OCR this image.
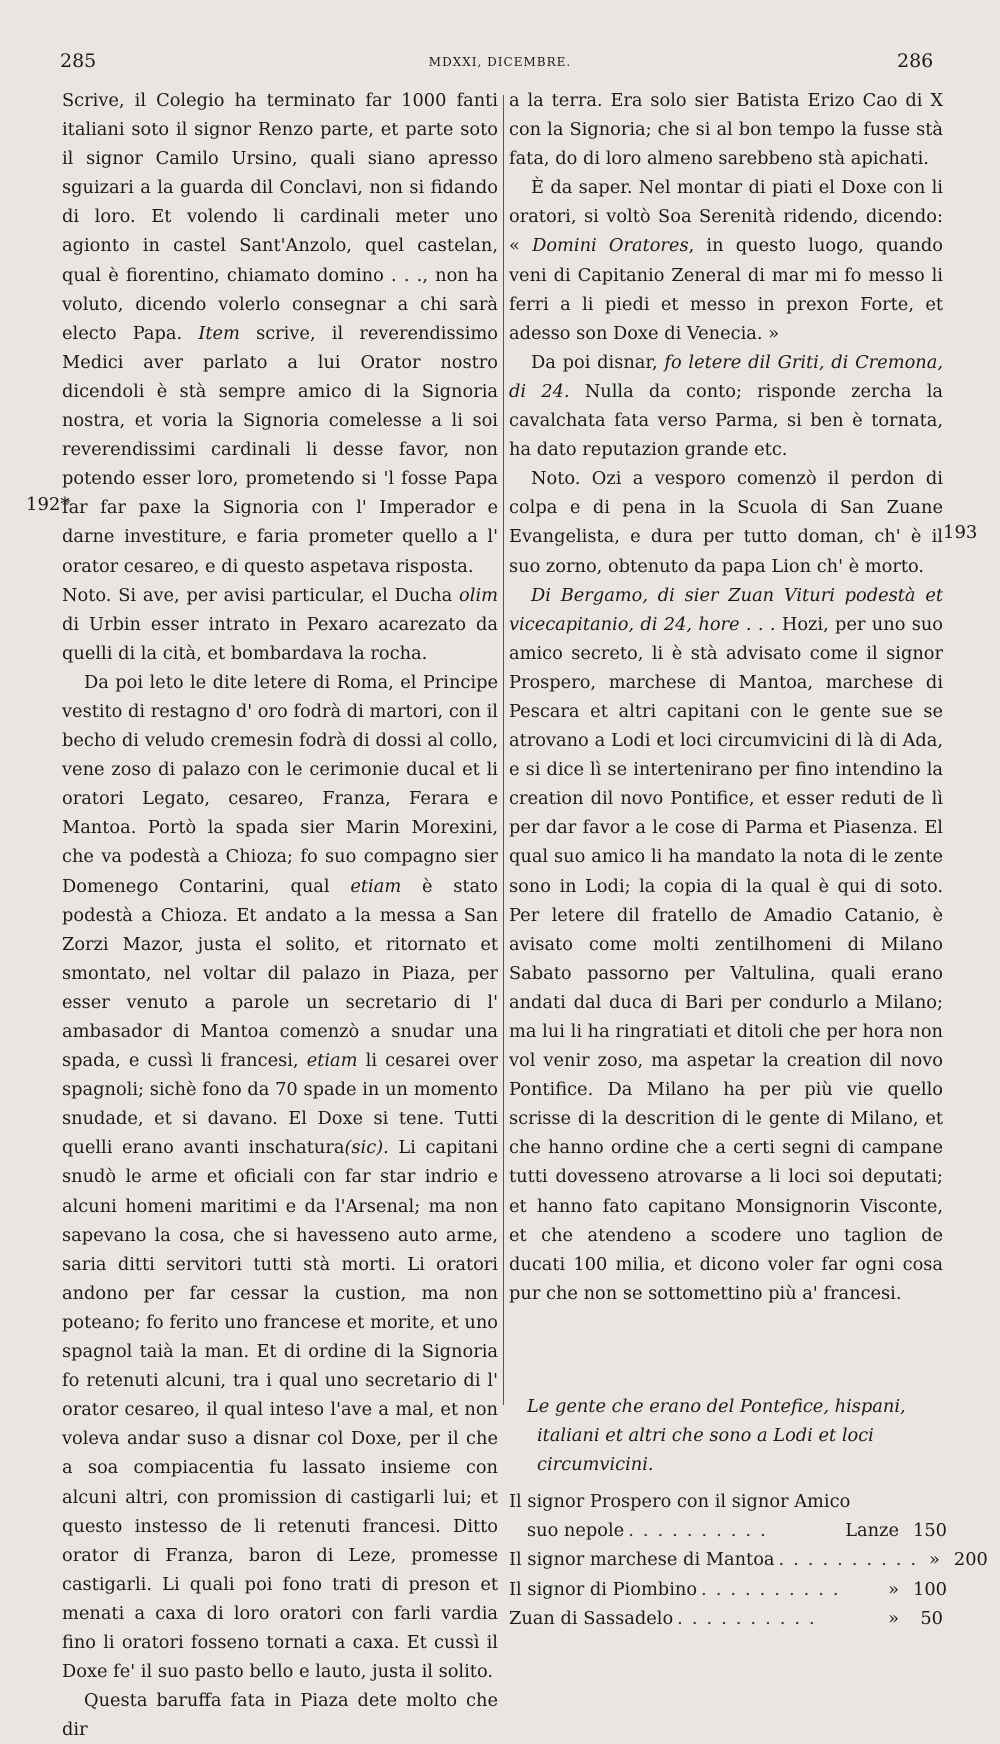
285	MDXXI, DICEMBRE.	286
192*
193

Scrive, il Colegio ha terminato far 1000 fanti italiani soto il signor Renzo parte, et parte soto il signor Camilo Ursino, quali siano apresso sguizari a la guarda dil Conclavi, non si fidando di loro. Et volendo li cardinali meter uno agionto in castel Sant'Anzolo, quel castelan, qual è fiorentino, chiamato domino . . ., non ha voluto, dicendo volerlo consegnar a chi sarà electo Papa. Item scrive, il reverendissimo Medici aver parlato a lui Orator nostro dicendoli è stà sempre amico di la Signoria nostra, et voria la Signoria comelesse a li soi reverendissimi cardinali li desse favor, non potendo esser loro, prometendo si 'l fosse Papa far far paxe la Signoria con l' Imperador e darne investiture, e faria prometer quello a l' orator cesareo, e di questo aspetava risposta.

Noto. Si ave, per avisi particular, el Ducha olim di Urbin esser intrato in Pexaro acarezato da quelli di la cità, et bombardava la rocha.

Da poi leto le dite letere di Roma, el Principe vestito di restagno d' oro fodrà di martori, con il becho di veludo cremesin fodrà di dossi al collo, vene zoso di palazo con le cerimonie ducal et li oratori Legato, cesareo, Franza, Ferara e Mantoa. Portò la spada sier Marin Morexini, che va podestà a Chioza; fo suo compagno sier Domenego Contarini, qual etiam è stato podestà a Chioza. Et andato a la messa a San Zorzi Mazor, justa el solito, et ritornato et smontato, nel voltar dil palazo in Piaza, per esser venuto a parole un secretario di l' ambasador di Mantoa comenzò a snudar una spada, e cussì li francesi, etiam li cesarei over spagnoli; sichè fono da 70 spade in un momento snudade, et si davano. El Doxe si tene. Tutti quelli erano avanti inschatura(sic). Li capitani snudò le arme et oficiali con far star indrio e alcuni homeni maritimi e da l'Arsenal; ma non sapevano la cosa, che si havesseno auto arme, saria ditti servitori tutti stà morti. Li oratori andono per far cessar la custion, ma non poteano; fo ferito uno francese et morite, et uno spagnol taià la man. Et di ordine di la Signoria fo retenuti alcuni, tra i qual uno secretario di l' orator cesareo, il qual inteso l'ave a mal, et non voleva andar suso a disnar col Doxe, per il che a soa compiacentia fu lassato insieme con alcuni altri, con promission di castigarli lui; et questo instesso de li retenuti francesi. Ditto orator di Franza, baron di Leze, promesse castigarli. Li quali poi fono trati di preson et menati a caxa di loro oratori con farli vardia fino li oratori fosseno tornati a caxa. Et cussì il Doxe fe' il suo pasto bello e lauto, justa il solito.

Questa baruffa fata in Piaza dete molto che dir

a la terra. Era solo sier Batista Erizo Cao di X con la Signoria; che si al bon tempo la fusse stà fata, do di loro almeno sarebbeno stà apichati.

È da saper. Nel montar di piati el Doxe con li oratori, si voltò Soa Serenità ridendo, dicendo: « Domini Oratores, in questo luogo, quando veni di Capitanio Zeneral di mar mi fo messo li ferri a li piedi et messo in prexon Forte, et adesso son Doxe di Venecia. »

Da poi disnar, fo letere dil Griti, di Cremona, di 24. Nulla da conto; risponde zercha la cavalchata fata verso Parma, si ben è tornata, ha dato reputazion grande etc.

Noto. Ozi a vesporo comenzò il perdon di colpa e di pena in la Scuola di San Zuane Evangelista, e dura per tutto doman, ch' è il suo zorno, obtenuto da papa Lion ch' è morto.

Di Bergamo, di sier Zuan Vituri podestà et vicecapitanio, di 24, hore . . . Hozi, per uno suo amico secreto, li è stà advisato come il signor Prospero, marchese di Mantoa, marchese di Pescara et altri capitani con le gente sue se atrovano a Lodi et loci circumvicini di là di Ada, e si dice lì se intertenirano per fino intendino la creation dil novo Pontifice, et esser reduti de lì per dar favor a le cose di Parma et Piasenza. El qual suo amico li ha mandato la nota di le zente sono in Lodi; la copia di la qual è qui di soto. Per letere dil fratello de Amadio Catanio, è avisato come molti zentilhomeni di Milano Sabato passorno per Valtulina, quali erano andati dal duca di Bari per condurlo a Milano; ma lui li ha ringratiati et ditoli che per hora non vol venir zoso, ma aspetar la creation dil novo Pontifice. Da Milano ha per più vie quello scrisse di la descrition di le gente di Milano, et che hanno ordine che a certi segni di campane tutti dovesseno atrovarse a li loci soi deputati; et hanno fato capitano Monsignorin Visconte, et che atendeno a scodere uno taglion de ducati 100 milia, et dicono voler far ogni cosa pur che non se sottomettino più a' francesi.

Le gente che erano del Pontefice, hispani, italiani et altri che sono a Lodi et loci circumvicini.

Il signor Prospero con il signor Amico
suo nepole ..........	Lanze 150
Il signor marchese di Mantoa .......... » 200
Il signor di Piombino ..........	» 100
Zuan di Sassadelo ..........	»	50
